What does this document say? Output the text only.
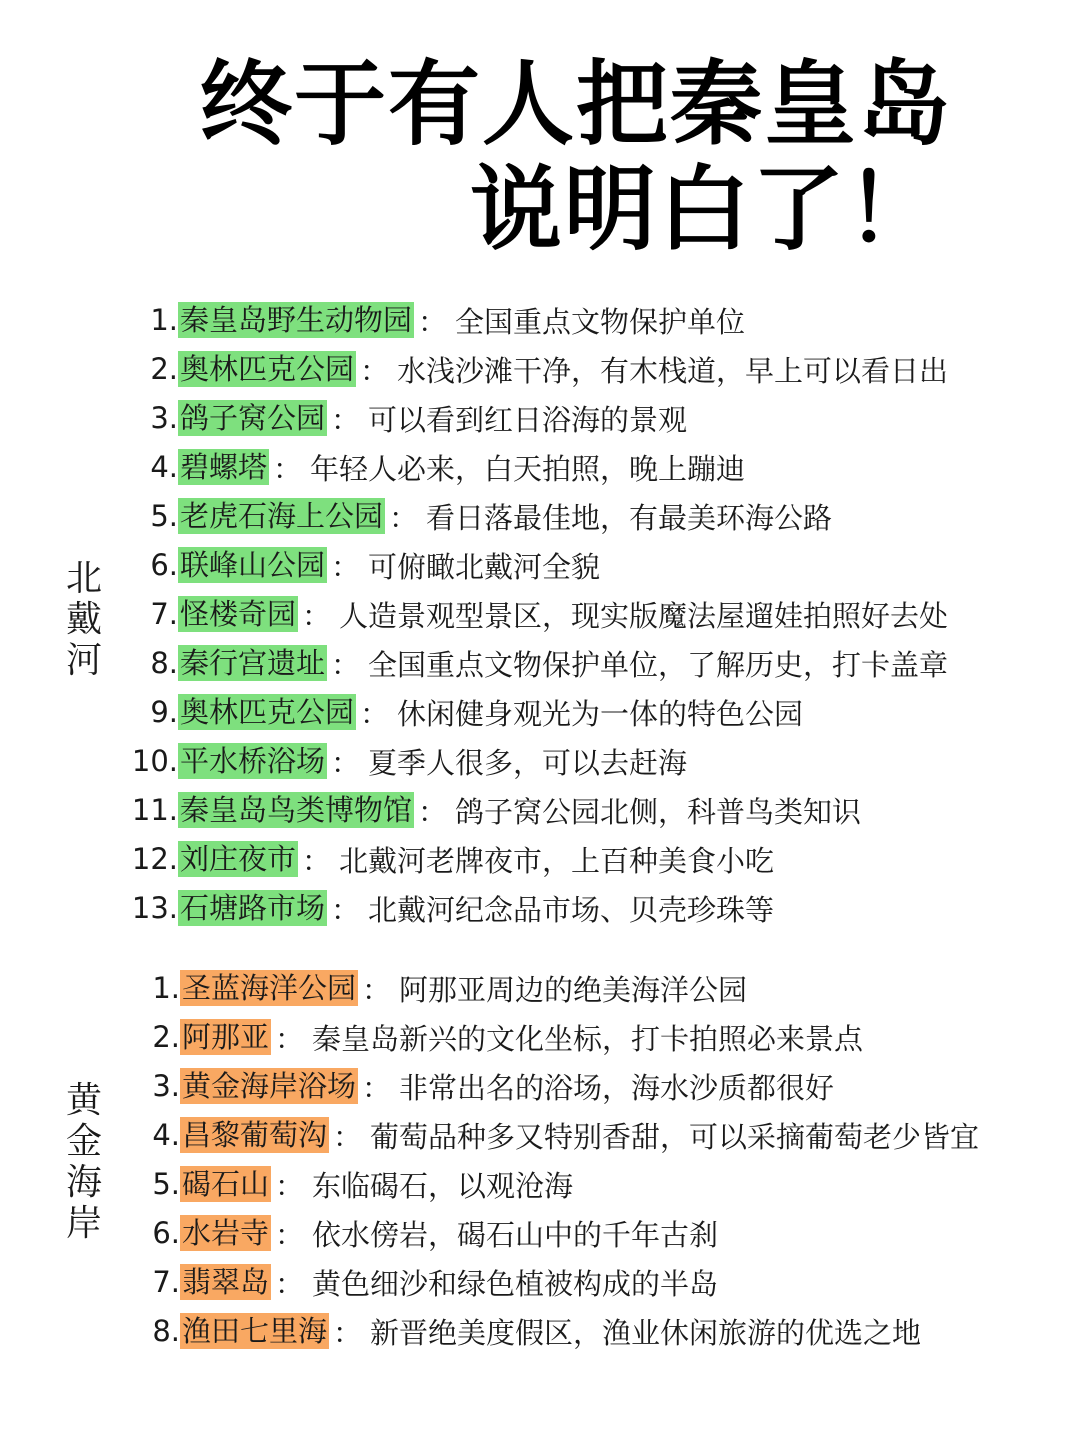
终于有人把秦皇岛
说明白了！
北
戴
河
1. 秦皇岛野生动物园 ： 全国重点文物保护单位
2. 奥林匹克公园 ： 水浅沙滩干净，有木栈道，早上可以看日出
3. 鸽子窝公园 ： 可以看到红日浴海的景观
4. 碧螺塔 ： 年轻人必来，白天拍照，晚上蹦迪
5. 老虎石海上公园 ： 看日落最佳地，有最美环海公路
6. 联峰山公园 ： 可俯瞰北戴河全貌
7. 怪楼奇园 ： 人造景观型景区，现实版魔法屋遛娃拍照好去处
8. 秦行宫遗址 ： 全国重点文物保护单位，了解历史，打卡盖章
9. 奥林匹克公园 ： 休闲健身观光为一体的特色公园
10. 平水桥浴场 ： 夏季人很多，可以去赶海
11. 秦皇岛鸟类博物馆 ： 鸽子窝公园北侧，科普鸟类知识
12. 刘庄夜市 ： 北戴河老牌夜市，上百种美食小吃
13. 石塘路市场 ： 北戴河纪念品市场、贝壳珍珠等
黄
金
海
岸
1. 圣蓝海洋公园 ： 阿那亚周边的绝美海洋公园
2. 阿那亚 ： 秦皇岛新兴的文化坐标，打卡拍照必来景点
3. 黄金海岸浴场 ： 非常出名的浴场，海水沙质都很好
4. 昌黎葡萄沟 ： 葡萄品种多又特别香甜，可以采摘葡萄老少皆宜
5. 碣石山 ： 东临碣石，以观沧海
6. 水岩寺 ： 依水傍岩，碣石山中的千年古刹
7. 翡翠岛 ： 黄色细沙和绿色植被构成的半岛
8. 渔田七里海 ： 新晋绝美度假区，渔业休闲旅游的优选之地
